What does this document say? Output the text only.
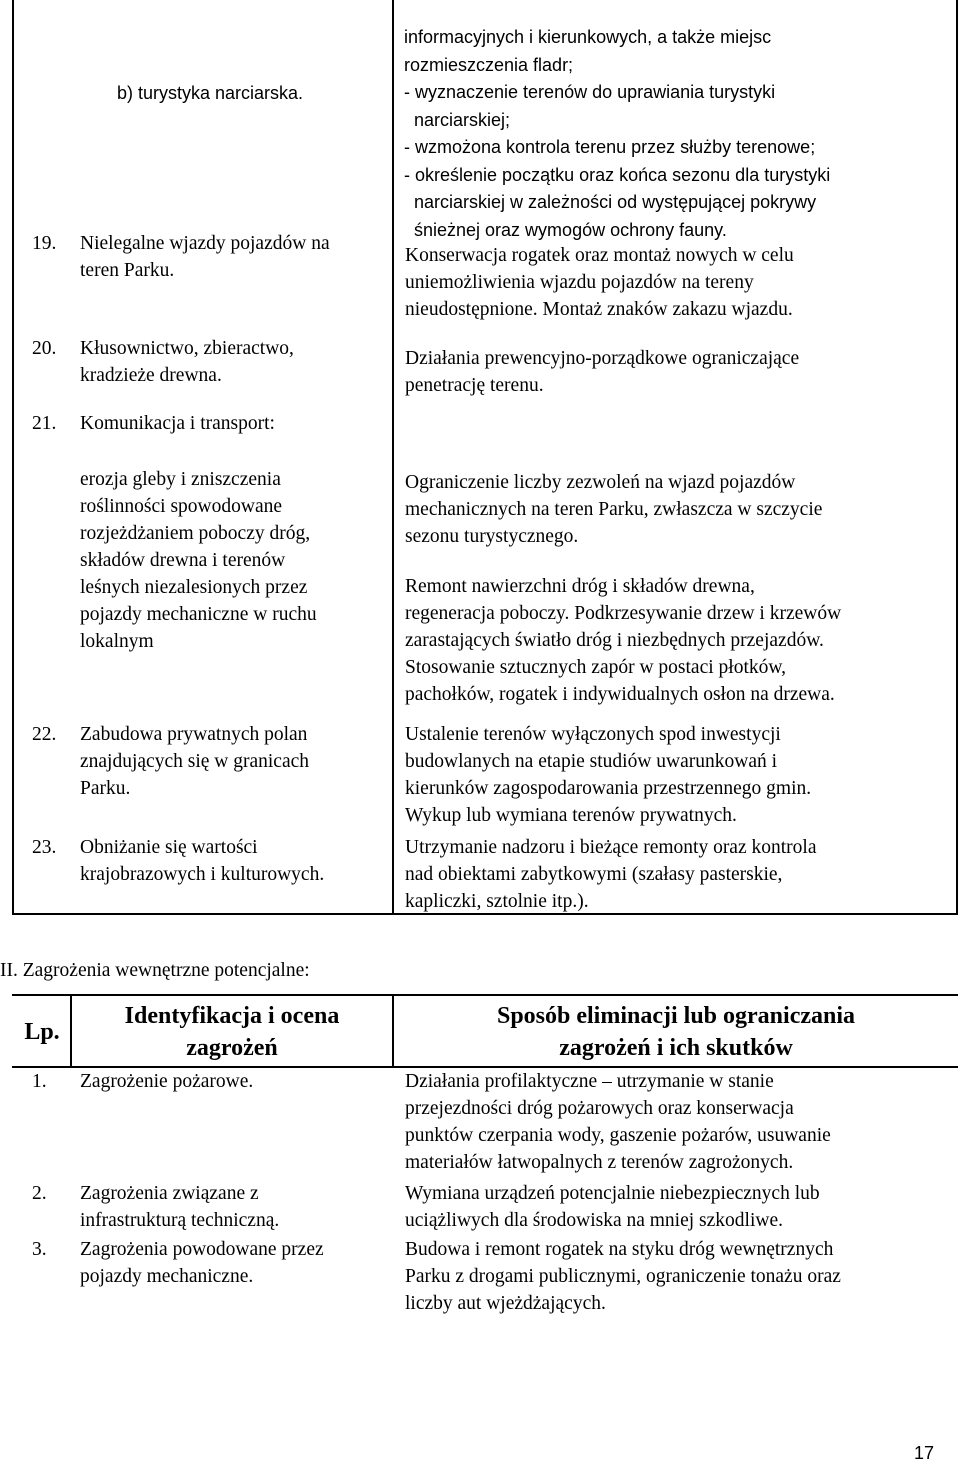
b) turystyka narciarska.

informacyjnych i kierunkowych, a także miejsc
rozmieszczenia fladr;
- wyznaczenie terenów do uprawiania turystyki
narciarskiej;
- wzmożona kontrola terenu przez służby terenowe;
- określenie początku oraz końca sezonu dla turystyki
narciarskiej w zależności od występującej pokrywy
śnieżnej oraz wymogów ochrony fauny.

19. Nielegalne wjazdy pojazdów na
teren Parku.

Konserwacja rogatek oraz montaż nowych w celu
uniemożliwienia wjazdu pojazdów na tereny
nieudostępnione. Montaż znaków zakazu wjazdu.

20. Kłusownictwo, zbieractwo,
kradzieże drewna.

Działania prewencyjno-porządkowe ograniczające
penetrację terenu.

21. Komunikacja i transport:

erozja gleby i zniszczenia
roślinności spowodowane
rozjeżdżaniem poboczy dróg,
składów drewna i terenów
leśnych niezalesionych przez
pojazdy mechaniczne w ruchu
lokalnym

Ograniczenie liczby zezwoleń na wjazd pojazdów
mechanicznych na teren Parku, zwłaszcza w szczycie
sezonu turystycznego.

Remont nawierzchni dróg i składów drewna,
regeneracja poboczy. Podkrzesywanie drzew i krzewów
zarastających światło dróg i niezbędnych przejazdów.
Stosowanie sztucznych zapór w postaci płotków,
pachołków, rogatek i indywidualnych osłon na drzewa.

22. Zabudowa prywatnych polan
znajdujących się w granicach
Parku.

Ustalenie terenów wyłączonych spod inwestycji
budowlanych na etapie studiów uwarunkowań i
kierunków zagospodarowania przestrzennego gmin.
Wykup lub wymiana terenów prywatnych.

23. Obniżanie się wartości
krajobrazowych i kulturowych.

Utrzymanie nadzoru i bieżące remonty oraz kontrola
nad obiektami zabytkowymi (szałasy pasterskie,
kapliczki, sztolnie itp.).

II. Zagrożenia wewnętrzne potencjalne:

Lp.
Identyfikacja i ocena
zagrożeń
Sposób eliminacji lub ograniczania
zagrożeń i ich skutków

1. Zagrożenie pożarowe.	Działania profilaktyczne – utrzymanie w stanie
przejezdności dróg pożarowych oraz konserwacja
punktów czerpania wody, gaszenie pożarów, usuwanie
materiałów łatwopalnych z terenów zagrożonych.

2. Zagrożenia związane z
infrastrukturą techniczną.

Wymiana urządzeń potencjalnie niebezpiecznych lub
uciążliwych dla środowiska na mniej szkodliwe.

3. Zagrożenia powodowane przez
pojazdy mechaniczne.

Budowa i remont rogatek na styku dróg wewnętrznych
Parku z drogami publicznymi, ograniczenie tonażu oraz
liczby aut wjeżdżających.

17
